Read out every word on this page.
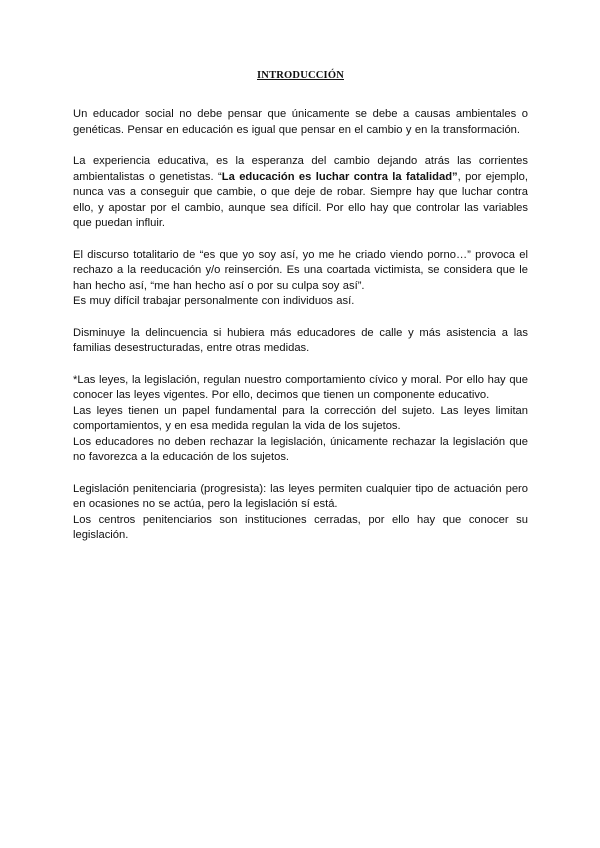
INTRODUCCIÓN

Un educador social no debe pensar que únicamente se debe a causas ambientales o genéticas. Pensar en educación es igual que pensar en el cambio y en la transformación.

La experiencia educativa, es la esperanza del cambio dejando atrás las corrientes ambientalistas o genetistas. “La educación es luchar contra la fatalidad”, por ejemplo, nunca vas a conseguir que cambie, o que deje de robar. Siempre hay que luchar contra ello, y apostar por el cambio, aunque sea difícil. Por ello hay que controlar las variables que puedan influir.

El discurso totalitario de “es que yo soy así, yo me he criado viendo porno…” provoca el rechazo a la reeducación y/o reinserción. Es una coartada victimista, se considera que le han hecho así, “me han hecho así o por su culpa soy así”.
Es muy difícil trabajar personalmente con individuos así.

Disminuye la delincuencia si hubiera más educadores de calle y más asistencia a las familias desestructuradas, entre otras medidas.

*Las leyes, la legislación, regulan nuestro comportamiento cívico y moral. Por ello hay que conocer las leyes vigentes. Por ello, decimos que tienen un componente educativo.
Las leyes tienen un papel fundamental para la corrección del sujeto. Las leyes limitan comportamientos, y en esa medida regulan la vida de los sujetos.
Los educadores no deben rechazar la legislación, únicamente rechazar la legislación que no favorezca a la educación de los sujetos.

Legislación penitenciaria (progresista): las leyes permiten cualquier tipo de actuación pero en ocasiones no se actúa, pero la legislación sí está.
Los centros penitenciarios son instituciones cerradas, por ello hay que conocer su legislación.
